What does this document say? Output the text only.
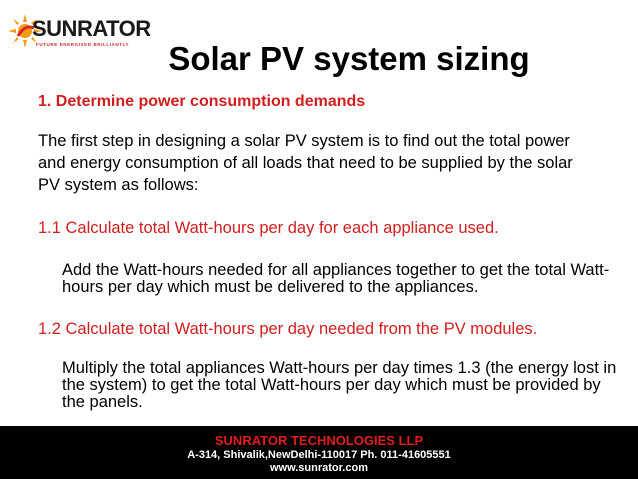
SUNRATOR
FUTURE ENERGISED BRILLIANTLY	Solar PV system sizing
1. Determine power consumption demands
The first step in designing a solar PV system is to find out the total power and energy consumption of all loads that need to be supplied by the solar PV system as follows:
1.1 Calculate total Watt-hours per day for each appliance used.
Add the Watt-hours needed for all appliances together to get the total Watt-hours per day which must be delivered to the appliances.
1.2 Calculate total Watt-hours per day needed from the PV modules.
Multiply the total appliances Watt-hours per day times 1.3 (the energy lost in the system) to get the total Watt-hours per day which must be provided by the panels.
SUNRATOR TECHNOLOGIES LLP
A-314, Shivalik,NewDelhi-110017 Ph. 011-41605551
www.sunrator.com
